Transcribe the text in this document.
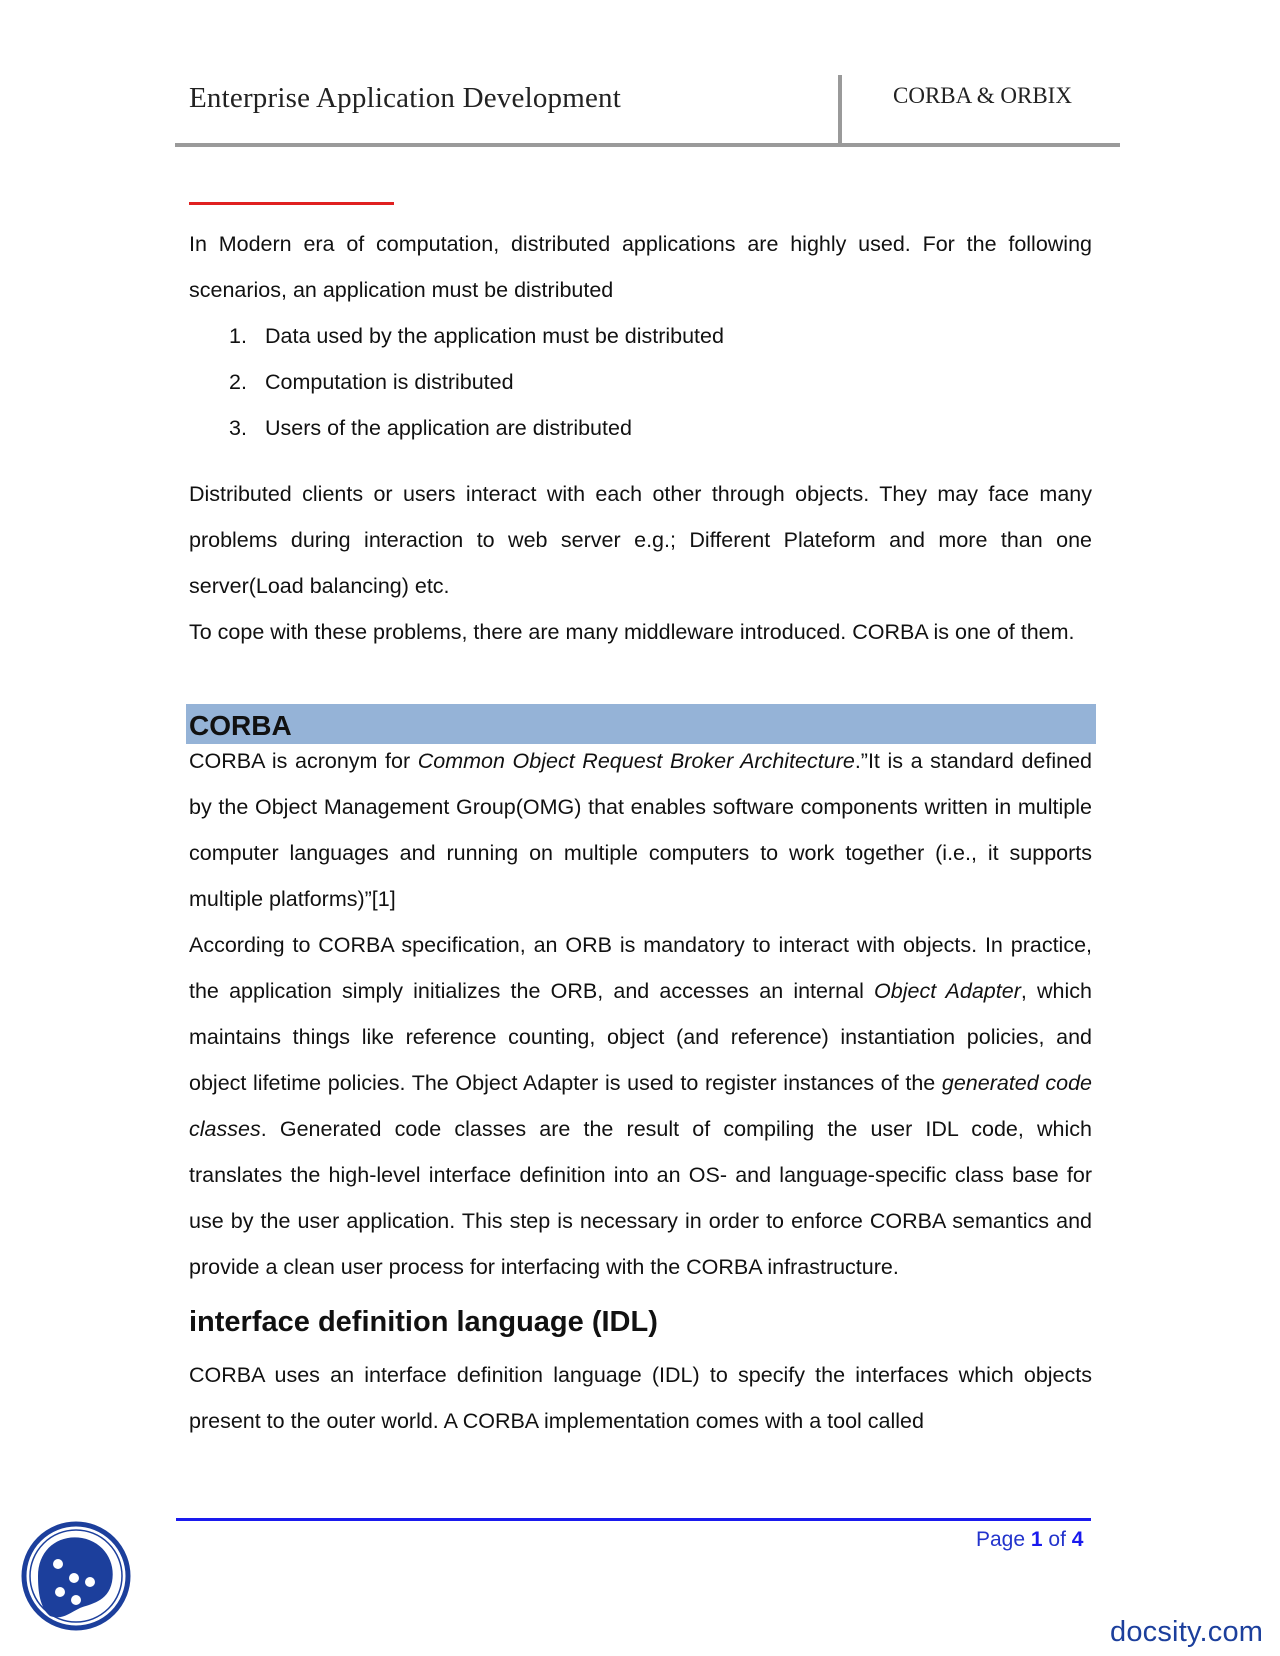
Enterprise Application Development	CORBA & ORBIX

In Modern era of computation, distributed applications are highly used. For the following scenarios, an application must be distributed

1. Data used by the application must be distributed
2. Computation is distributed
3. Users of the application are distributed

Distributed clients or users interact with each other through objects. They may face many problems during interaction to web server e.g.; Different Plateform and more than one server(Load balancing) etc.

To cope with these problems, there are many middleware introduced. CORBA is one of them.

CORBA

CORBA is acronym for Common Object Request Broker Architecture.”It is a standard defined by the Object Management Group(OMG) that enables software components written in multiple computer languages and running on multiple computers to work together (i.e., it supports multiple platforms)”[1]

According to CORBA specification, an ORB is mandatory to interact with objects. In practice, the application simply initializes the ORB, and accesses an internal Object Adapter, which maintains things like reference counting, object (and reference) instantiation policies, and object lifetime policies. The Object Adapter is used to register instances of the generated code classes. Generated code classes are the result of compiling the user IDL code, which translates the high-level interface definition into an OS- and language-specific class base for use by the user application. This step is necessary in order to enforce CORBA semantics and provide a clean user process for interfacing with the CORBA infrastructure.

interface definition language (IDL)

CORBA uses an interface definition language (IDL) to specify the interfaces which objects present to the outer world. A CORBA implementation comes with a tool called

Page 1 of 4
docsity.com
